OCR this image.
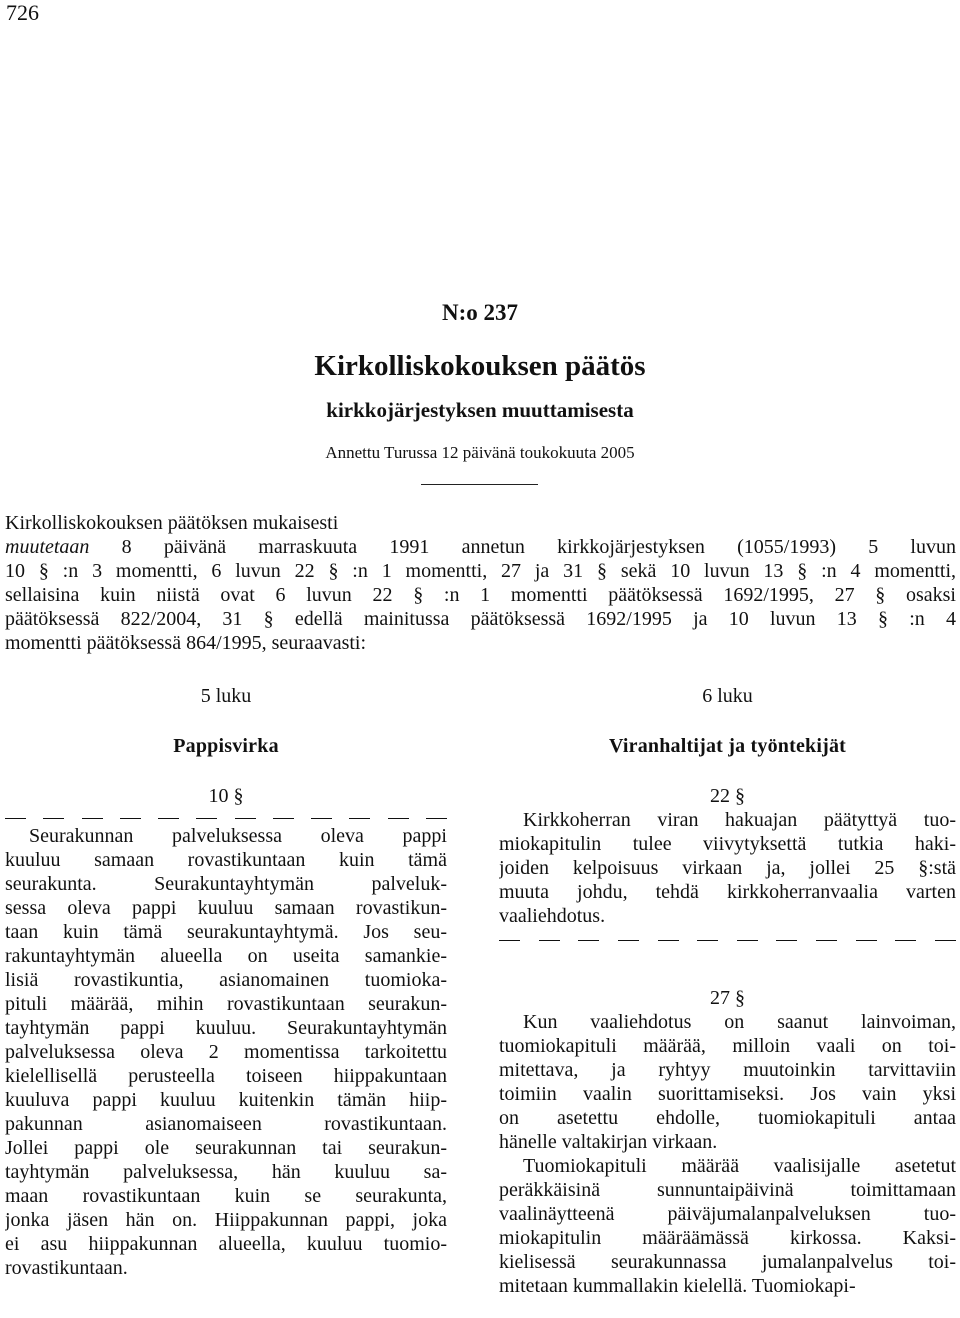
726
N:o 237
Kirkolliskokouksen päätös
kirkkojärjestyksen muuttamisesta
Annettu Turussa 12 päivänä toukokuuta 2005
Kirkolliskokouksen päätöksen mukaisesti
muutetaan 8 päivänä marraskuuta 1991 annetun kirkkojärjestyksen (1055/1993) 5 luvun
10 § :n 3 momentti, 6 luvun 22 § :n 1 momentti, 27 ja 31 § sekä 10 luvun 13 § :n 4 momentti,
sellaisina kuin niistä ovat 6 luvun 22 § :n 1 momentti päätöksessä 1692/1995, 27 § osaksi
päätöksessä 822/2004, 31 § edellä mainitussa päätöksessä 1692/1995 ja 10 luvun 13 § :n 4
momentti päätöksessä 864/1995, seuraavasti:
5 luku
Pappisvirka
10 §
Seurakunnan palveluksessa oleva pappi
kuuluu samaan rovastikuntaan kuin tämä
seurakunta. Seurakuntayhtymän palveluk-
sessa oleva pappi kuuluu samaan rovastikun-
taan kuin tämä seurakuntayhtymä. Jos seu-
rakuntayhtymän alueella on useita samankie-
lisiä rovastikuntia, asianomainen tuomioka-
pituli määrää, mihin rovastikuntaan seurakun-
tayhtymän pappi kuuluu. Seurakuntayhtymän
palveluksessa oleva 2 momentissa tarkoitettu
kielellisellä perusteella toiseen hiippakuntaan
kuuluva pappi kuuluu kuitenkin tämän hiip-
pakunnan asianomaiseen rovastikuntaan.
Jollei pappi ole seurakunnan tai seurakun-
tayhtymän palveluksessa, hän kuuluu sa-
maan rovastikuntaan kuin se seurakunta,
jonka jäsen hän on. Hiippakunnan pappi, joka
ei asu hiippakunnan alueella, kuuluu tuomio-
rovastikuntaan.
6 luku
Viranhaltijat ja työntekijät
22 §
Kirkkoherran viran hakuajan päätyttyä tuo-
miokapitulin tulee viivytyksettä tutkia haki-
joiden kelpoisuus virkaan ja, jollei 25 §:stä
muuta johdu, tehdä kirkkoherranvaalia varten
vaaliehdotus.
27 §
Kun vaaliehdotus on saanut lainvoiman,
tuomiokapituli määrää, milloin vaali on toi-
mitettava, ja ryhtyy muutoinkin tarvittaviin
toimiin vaalin suorittamiseksi. Jos vain yksi
on asetettu ehdolle, tuomiokapituli antaa
hänelle valtakirjan virkaan.
Tuomiokapituli määrää vaalisijalle asetetut
peräkkäisinä sunnuntaipäivinä toimittamaan
vaalinäytteenä päiväjumalanpalveluksen tuo-
miokapitulin määräämässä kirkossa. Kaksi-
kielisessä seurakunnassa jumalanpalvelus toi-
mitetaan kummallakin kielellä. Tuomiokapi-
